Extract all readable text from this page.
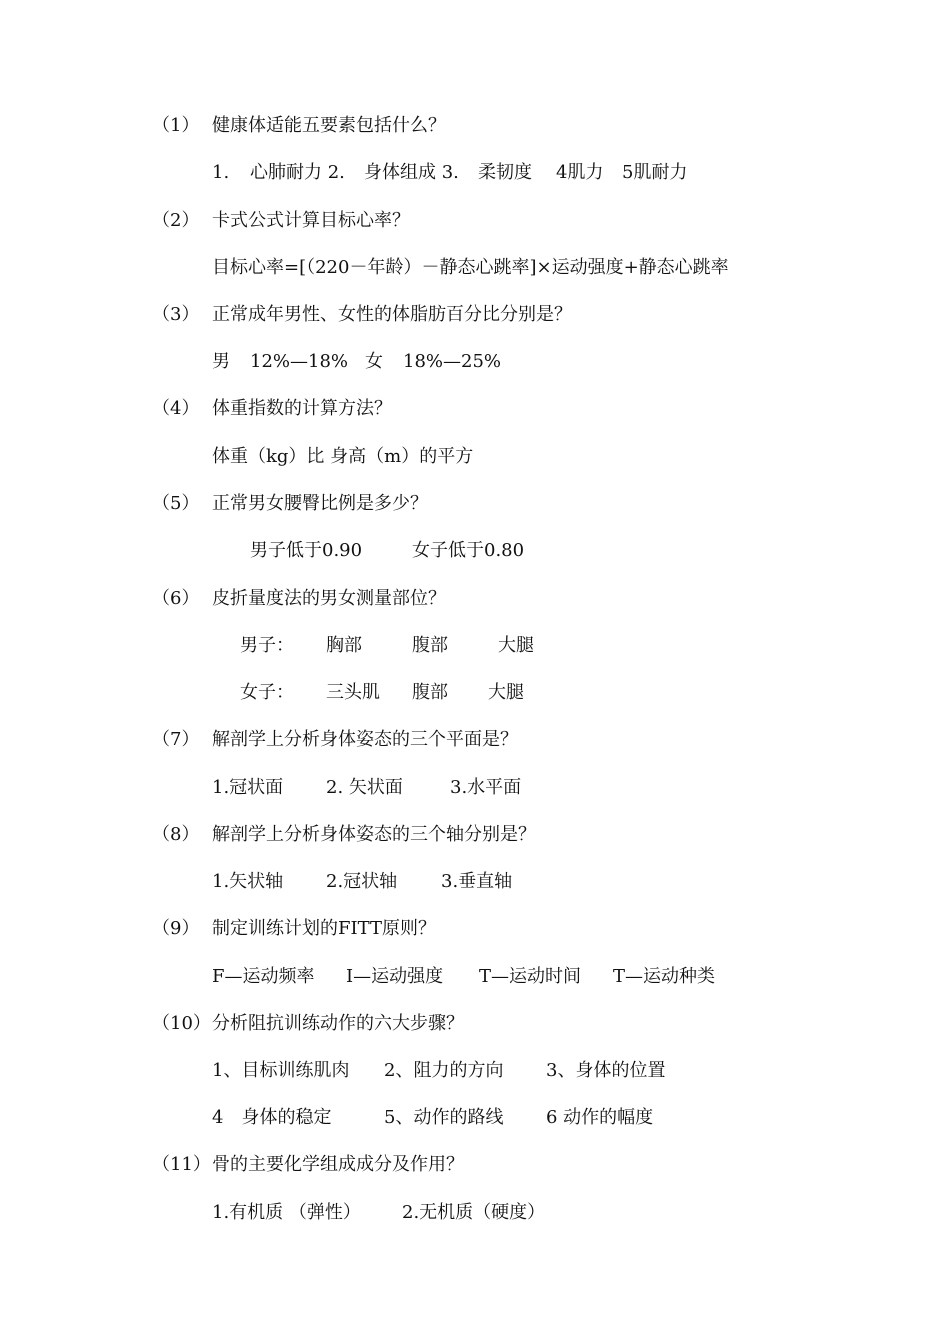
（1） 健康体适能五要素包括什么？
1. 心肺耐力 2. 身体组成 3. 柔韧度 4肌力 5肌耐力
（2） 卡式公式计算目标心率？
目标心率=[（220－年龄）－静态心跳率]×运动强度+静态心跳率
（3） 正常成年男性、女性的体脂肪百分比分别是？
男 12%—18% 女 18%—25%
（4） 体重指数的计算方法？
体重（kg）比 身高（m）的平方
（5） 正常男女腰臀比例是多少？
男子低于0.90	女子低于0.80
（6） 皮折量度法的男女测量部位？
男子： 胸部	腹部	大腿
女子： 三头肌 腹部 大腿
（7） 解剖学上分析身体姿态的三个平面是？
1.冠状面 2. 矢状面	3.水平面
（8） 解剖学上分析身体姿态的三个轴分别是？
1.矢状轴 2.冠状轴 3.垂直轴
（9） 制定训练计划的FITT原则？
F—运动频率 I—运动强度 T—运动时间 T—运动种类
（10） 分析阻抗训练动作的六大步骤？
1、目标训练肌肉 2、阻力的方向 3、身体的位置
4　身体的稳定	5、动作的路线 6 动作的幅度
（11） 骨的主要化学组成成分及作用？
1.有机质 （弹性） 2.无机质（硬度）
